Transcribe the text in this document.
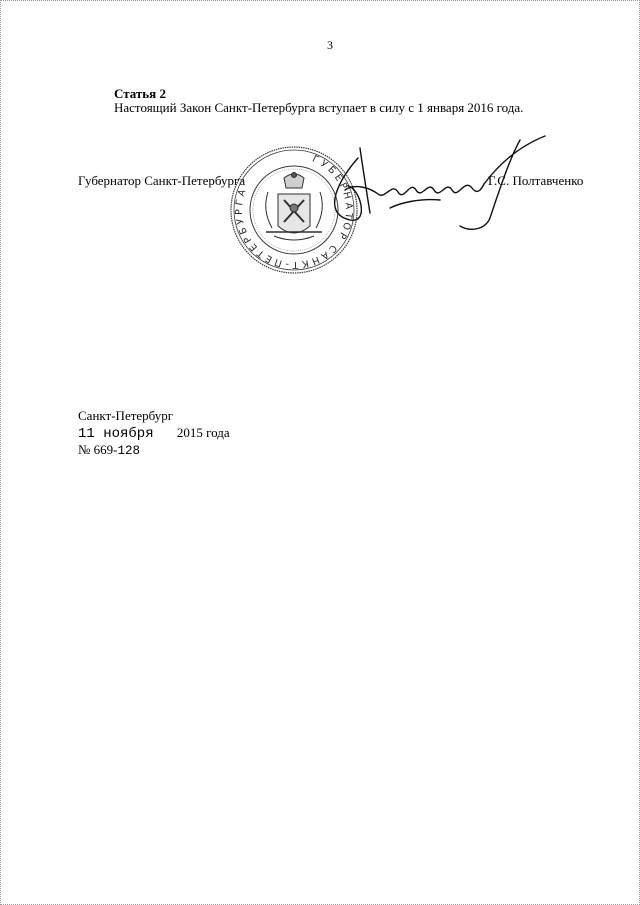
3
Статья 2
Настоящий Закон Санкт-Петербурга вступает в силу с 1 января 2016 года.
Губернатор Санкт-Петербурга	Г.С. Полтавченко
ГУБЕРНАТОР САНКТ-ПЕТЕРБУРГА
Санкт-Петербург
11 ноября 2015 года
№ 669-128
